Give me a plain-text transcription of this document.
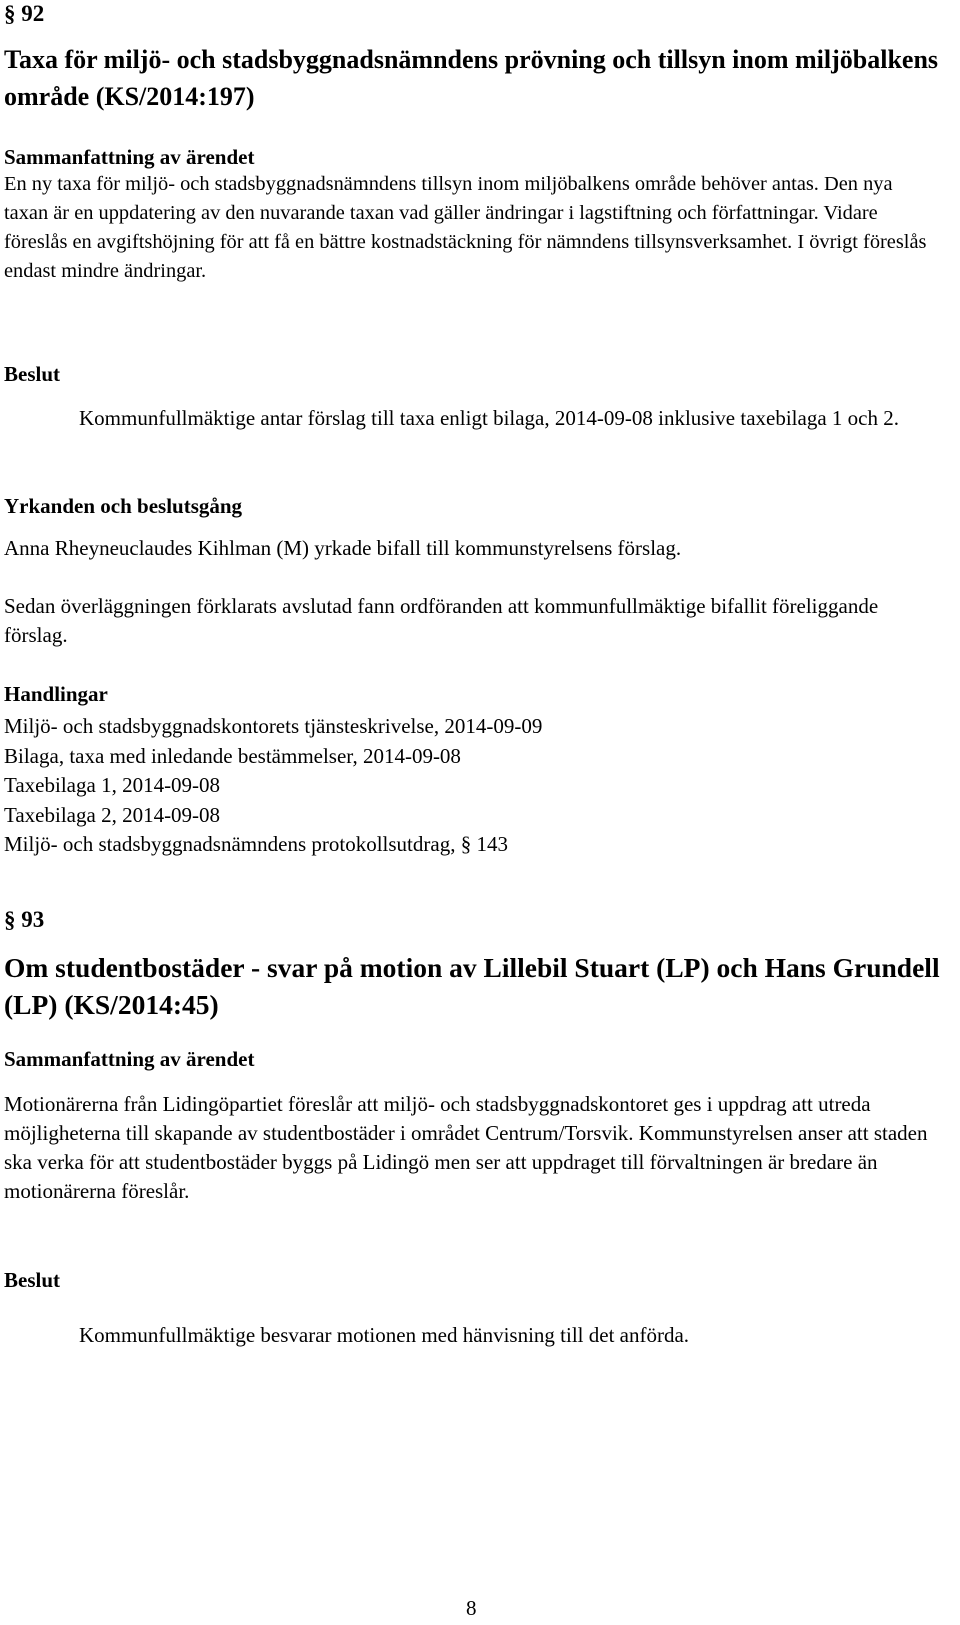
§ 92
Taxa för miljö- och stadsbyggnadsnämndens prövning och tillsyn inom miljöbalkens område (KS/2014:197)
Sammanfattning av ärendet

En ny taxa för miljö- och stadsbyggnadsnämndens tillsyn inom miljöbalkens område behöver antas. Den nya taxan är en uppdatering av den nuvarande taxan vad gäller ändringar i lagstiftning och författningar. Vidare föreslås en avgiftshöjning för att få en bättre kostnadstäckning för nämndens tillsynsverksamhet. I övrigt föreslås endast mindre ändringar.

Beslut

Kommunfullmäktige antar förslag till taxa enligt bilaga, 2014-09-08 inklusive taxebilaga 1 och 2.

Yrkanden och beslutsgång

Anna Rheyneuclaudes Kihlman (M) yrkade bifall till kommunstyrelsens förslag.

Sedan överläggningen förklarats avslutad fann ordföranden att kommunfullmäktige bifallit föreliggande förslag.

Handlingar
Miljö- och stadsbyggnadskontorets tjänsteskrivelse, 2014-09-09
Bilaga, taxa med inledande bestämmelser, 2014-09-08
Taxebilaga 1, 2014-09-08
Taxebilaga 2, 2014-09-08
Miljö- och stadsbyggnadsnämndens protokollsutdrag, § 143
§ 93
Om studentbostäder - svar på motion av Lillebil Stuart (LP) och Hans Grundell (LP) (KS/2014:45)
Sammanfattning av ärendet

Motionärerna från Lidingöpartiet föreslår att miljö- och stadsbyggnadskontoret ges i uppdrag att utreda möjligheterna till skapande av studentbostäder i området Centrum/Torsvik. Kommunstyrelsen anser att staden ska verka för att studentbostäder byggs på Lidingö men ser att uppdraget till förvaltningen är bredare än motionärerna föreslår.

Beslut

Kommunfullmäktige besvarar motionen med hänvisning till det anförda.

8
